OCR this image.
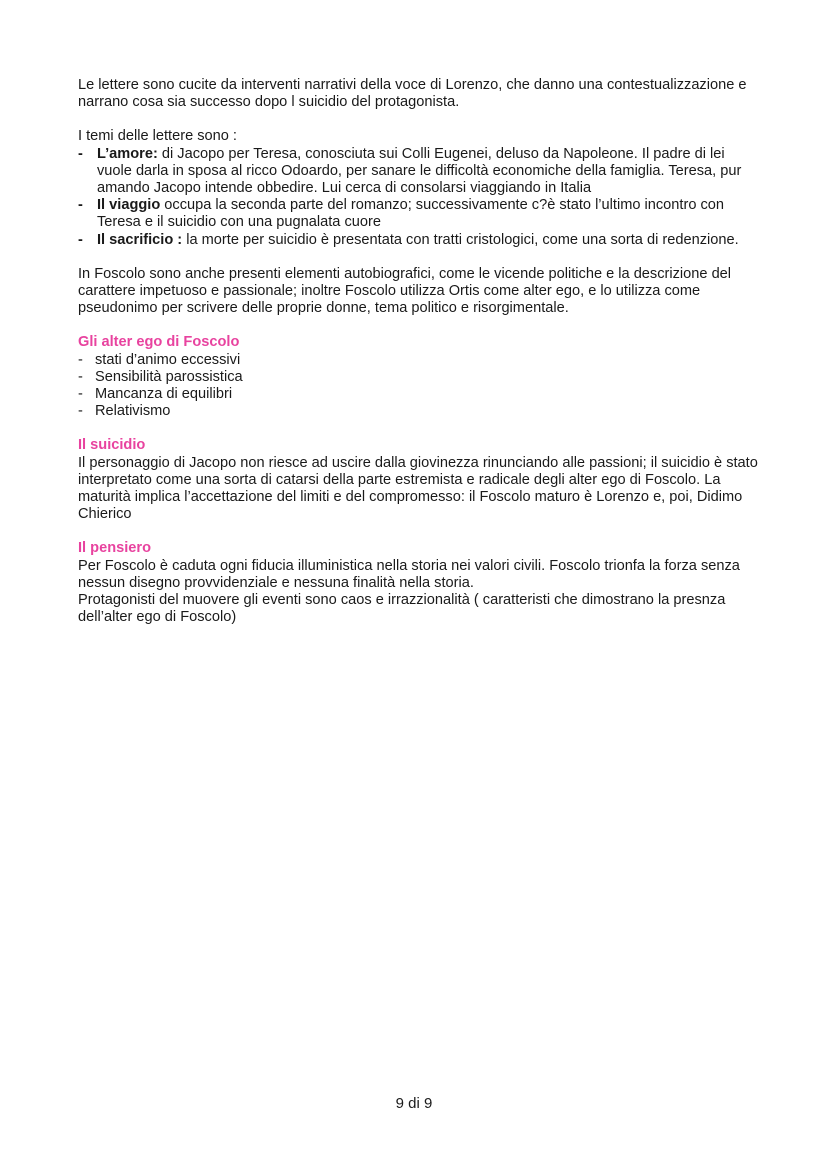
Le lettere sono cucite da interventi narrativi della voce di Lorenzo, che danno una contestualizzazione e narrano cosa sia successo dopo l suicidio del protagonista.

I temi delle lettere sono :

- L’amore: di Jacopo per Teresa, conosciuta sui Colli Eugenei, deluso da Napoleone. Il padre di lei vuole darla in sposa al ricco Odoardo, per sanare le difficoltà economiche della famiglia. Teresa, pur amando Jacopo intende obbedire. Lui cerca di consolarsi viaggiando in Italia
- Il viaggio occupa la seconda parte del romanzo; successivamente c?è stato l’ultimo incontro con Teresa e il suicidio con una pugnalata cuore
- Il sacrificio : la morte per suicidio è presentata con tratti cristologici, come una sorta di redenzione.

In Foscolo sono anche presenti elementi autobiografici, come le vicende politiche e la descrizione del carattere impetuoso e passionale; inoltre Foscolo utilizza Ortis come alter ego, e lo utilizza come pseudonimo per scrivere delle proprie donne, tema politico e risorgimentale.

Gli alter ego di Foscolo

- stati d’animo eccessivi
- Sensibilità parossistica
- Mancanza di equilibri
- Relativismo

Il suicidio

Il personaggio di Jacopo non riesce ad uscire dalla giovinezza rinunciando alle passioni; il suicidio è stato interpretato come una sorta di catarsi della parte estremista e radicale degli alter ego di Foscolo. La maturità implica l’accettazione del limiti e del compromesso: il Foscolo maturo è Lorenzo e, poi, Didimo Chierico

Il pensiero

Per Foscolo è caduta ogni fiducia illuministica nella storia nei valori civili. Foscolo trionfa la forza senza nessun disegno provvidenziale e nessuna finalità nella storia.

Protagonisti del muovere gli eventi sono caos e irrazzionalità ( caratteristi che dimostrano la presnza dell’alter ego di Foscolo)

9 di 9
